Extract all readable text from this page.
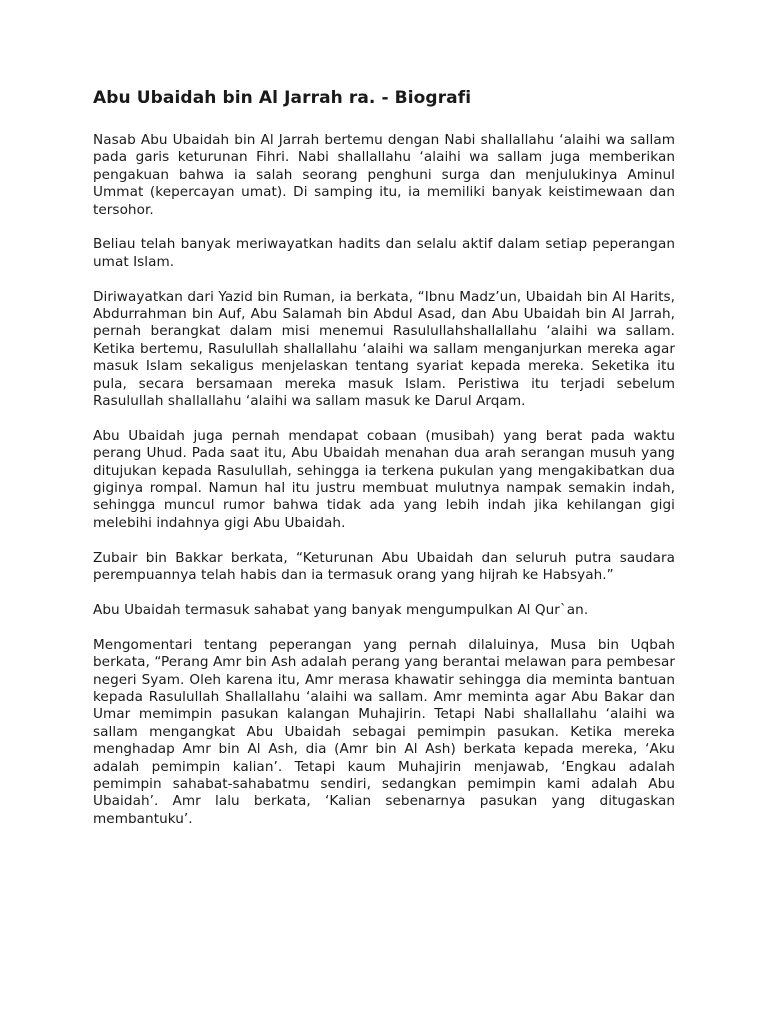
Abu Ubaidah bin Al Jarrah ra. - Biografi

Nasab Abu Ubaidah bin Al Jarrah bertemu dengan Nabi shallallahu ‘alaihi wa sallam pada garis keturunan Fihri. Nabi shallallahu ‘alaihi wa sallam juga memberikan pengakuan bahwa ia salah seorang penghuni surga dan menjulukinya Aminul Ummat (kepercayan umat). Di samping itu, ia memiliki banyak keistimewaan dan tersohor.

Beliau telah banyak meriwayatkan hadits dan selalu aktif dalam setiap peperangan umat Islam.

Diriwayatkan dari Yazid bin Ruman, ia berkata, “Ibnu Madz’un, Ubaidah bin Al Harits, Abdurrahman bin Auf, Abu Salamah bin Abdul Asad, dan Abu Ubaidah bin Al Jarrah, pernah berangkat dalam misi menemui Rasulullahshallallahu ‘alaihi wa sallam. Ketika bertemu, Rasulullah shallallahu ‘alaihi wa sallam menganjurkan mereka agar masuk Islam sekaligus menjelaskan tentang syariat kepada mereka. Seketika itu pula, secara bersamaan mereka masuk Islam. Peristiwa itu terjadi sebelum Rasulullah shallallahu ‘alaihi wa sallam masuk ke Darul Arqam.

Abu Ubaidah juga pernah mendapat cobaan (musibah) yang berat pada waktu perang Uhud. Pada saat itu, Abu Ubaidah menahan dua arah serangan musuh yang ditujukan kepada Rasulullah, sehingga ia terkena pukulan yang mengakibatkan dua giginya rompal. Namun hal itu justru membuat mulutnya nampak semakin indah, sehingga muncul rumor bahwa tidak ada yang lebih indah jika kehilangan gigi melebihi indahnya gigi Abu Ubaidah.

Zubair bin Bakkar berkata, “Keturunan Abu Ubaidah dan seluruh putra saudara perempuannya telah habis dan ia termasuk orang yang hijrah ke Habsyah.”

Abu Ubaidah termasuk sahabat yang banyak mengumpulkan Al Qur`an.

Mengomentari tentang peperangan yang pernah dilaluinya, Musa bin Uqbah berkata, “Perang Amr bin Ash adalah perang yang berantai melawan para pembesar negeri Syam. Oleh karena itu, Amr merasa khawatir sehingga dia meminta bantuan kepada Rasulullah Shallallahu ‘alaihi wa sallam. Amr meminta agar Abu Bakar dan Umar memimpin pasukan kalangan Muhajirin. Tetapi Nabi shallallahu ‘alaihi wa sallam mengangkat Abu Ubaidah sebagai pemimpin pasukan. Ketika mereka menghadap Amr bin Al Ash, dia (Amr bin Al Ash) berkata kepada mereka, ‘Aku adalah pemimpin kalian’. Tetapi kaum Muhajirin menjawab, ‘Engkau adalah pemimpin sahabat-sahabatmu sendiri, sedangkan pemimpin kami adalah Abu Ubaidah’. Amr lalu berkata, ‘Kalian sebenarnya pasukan yang ditugaskan membantuku’.
